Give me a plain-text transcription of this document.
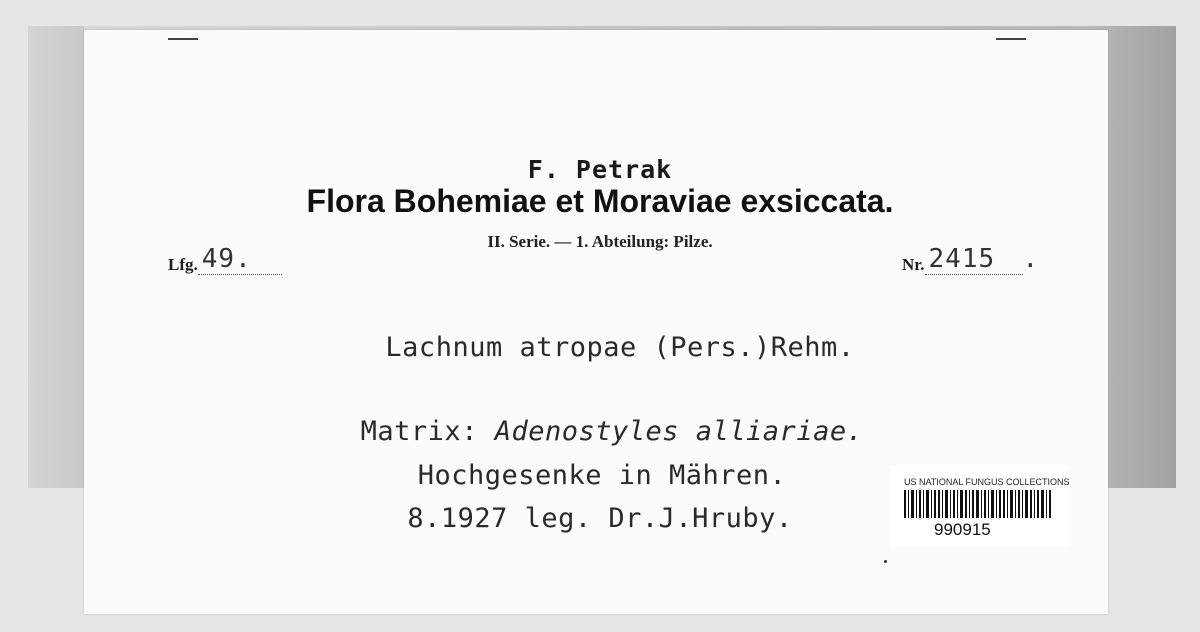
F. Petrak
Flora Bohemiae et Moraviae exsiccata.
II. Serie. — 1. Abteilung: Pilze.
Lfg. 49.	Nr. 2415 .
Lachnum atropae (Pers.)Rehm.
Matrix: Adenostyles alliariae.
Hochgesenke in Mähren.
8.1927 leg. Dr.J.Hruby.
US NATIONAL FUNGUS COLLECTIONS
990915
